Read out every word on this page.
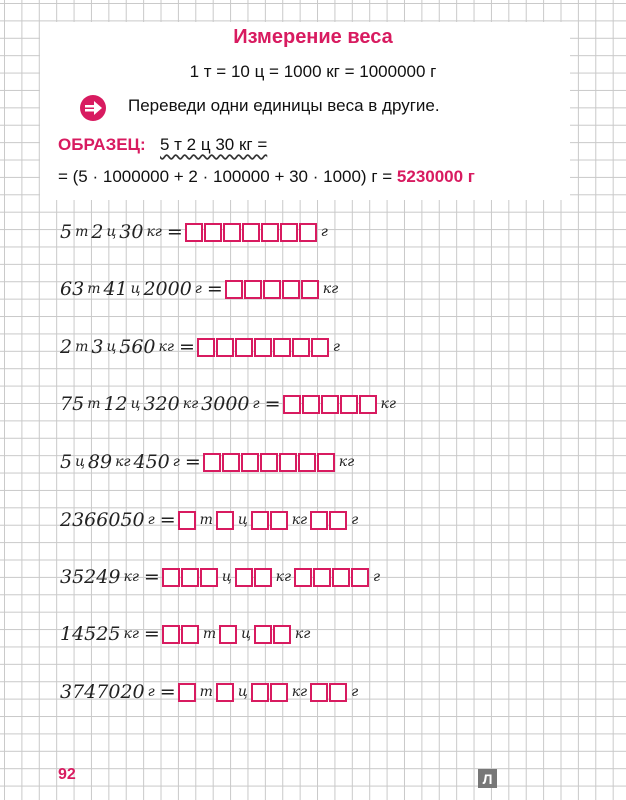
Измерение веса
1 т = 10 ц = 1000 кг = 1000000 г
Переведи одни единицы веса в другие.
ОБРАЗЕЦ: 5 т 2 ц 30 кг =
= (5 · 1000000 + 2 · 100000 + 30 · 1000) г = 5230000 г
5 т 2 ц 30 кг =	г
63 т 41 ц 2000 г =	кг
2 т 3 ц 560 кг =	г
75 т 12 ц 320 кг 3000 г =	кг
5 ц 89 кг 450 г =	кг
2366050 г = т ц	кг	г
35249 кг =	ц	кг	г
14525 кг =	т ц	кг
3747020 г = т ц	кг	г
92	Л
